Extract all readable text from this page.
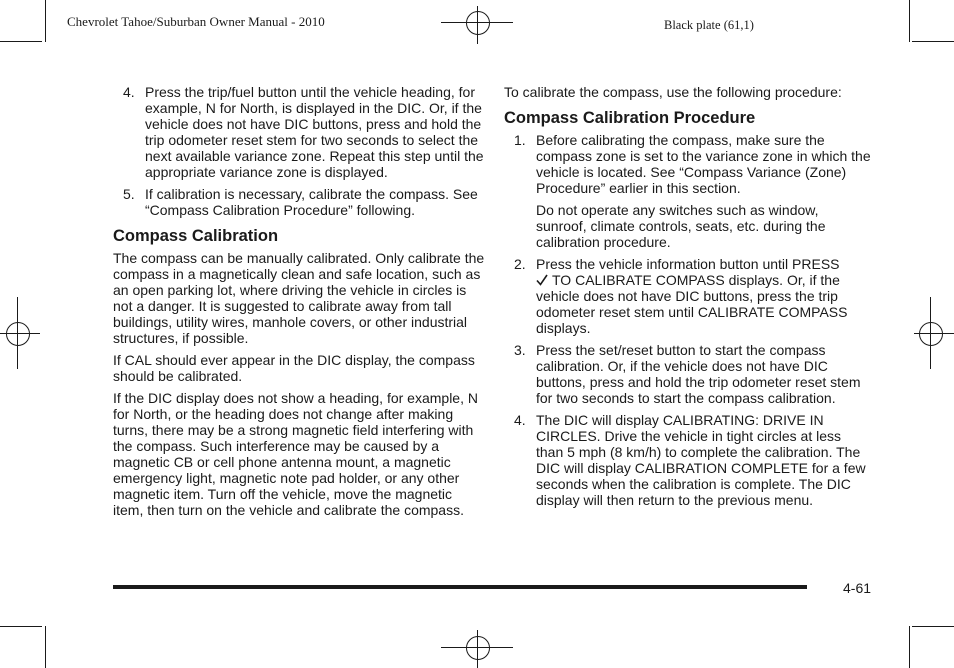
Chevrolet Tahoe/Suburban Owner Manual - 2010	Black plate (61,1)
4. Press the trip/fuel button until the vehicle heading, for example, N for North, is displayed in the DIC. Or, if the vehicle does not have DIC buttons, press and hold the trip odometer reset stem for two seconds to select the next available variance zone. Repeat this step until the appropriate variance zone is displayed.
5. If calibration is necessary, calibrate the compass. See “Compass Calibration Procedure” following.
Compass Calibration

The compass can be manually calibrated. Only calibrate the compass in a magnetically clean and safe location, such as an open parking lot, where driving the vehicle in circles is not a danger. It is suggested to calibrate away from tall buildings, utility wires, manhole covers, or other industrial structures, if possible.

If CAL should ever appear in the DIC display, the compass should be calibrated.

If the DIC display does not show a heading, for example, N for North, or the heading does not change after making turns, there may be a strong magnetic field interfering with the compass. Such interference may be caused by a magnetic CB or cell phone antenna mount, a magnetic emergency light, magnetic note pad holder, or any other magnetic item. Turn off the vehicle, move the magnetic item, then turn on the vehicle and calibrate the compass.

To calibrate the compass, use the following procedure:

Compass Calibration Procedure
1. Before calibrating the compass, make sure the compass zone is set to the variance zone in which the vehicle is located. See “Compass Variance (Zone) Procedure” earlier in this section.

Do not operate any switches such as window, sunroof, climate controls, seats, etc. during the calibration procedure.

2. Press the vehicle information button until PRESS
TO CALIBRATE COMPASS displays. Or, if the vehicle does not have DIC buttons, press the trip odometer reset stem until CALIBRATE COMPASS displays.
3. Press the set/reset button to start the compass calibration. Or, if the vehicle does not have DIC buttons, press and hold the trip odometer reset stem for two seconds to start the compass calibration.
4. The DIC will display CALIBRATING: DRIVE IN CIRCLES. Drive the vehicle in tight circles at less than 5 mph (8 km/h) to complete the calibration. The DIC will display CALIBRATION COMPLETE for a few seconds when the calibration is complete. The DIC display will then return to the previous menu.
4-61
